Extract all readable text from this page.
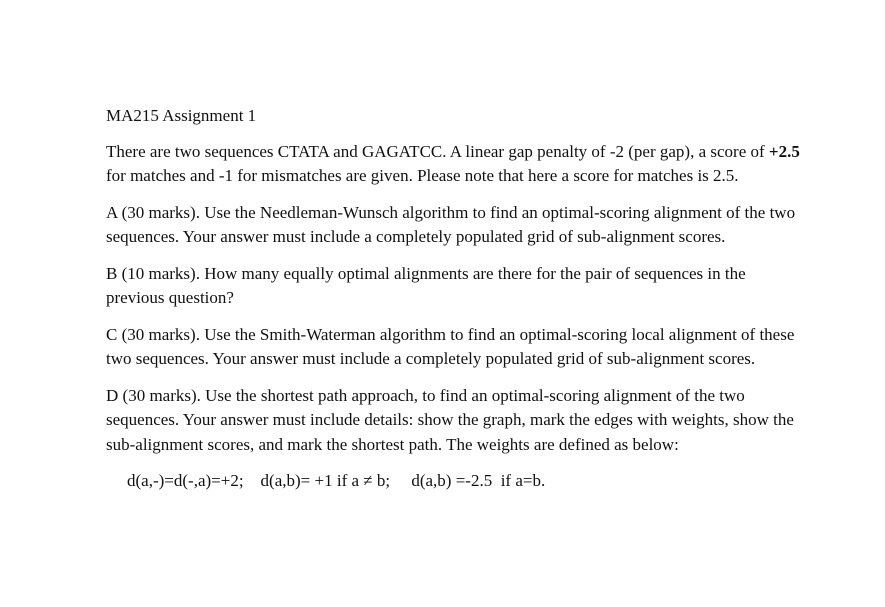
MA215 Assignment 1

There are two sequences CTATA and GAGATCC. A linear gap penalty of -2 (per gap), a score of +2.5 for matches and -1 for mismatches are given. Please note that here a score for matches is 2.5.

A (30 marks). Use the Needleman-Wunsch algorithm to find an optimal-scoring alignment of the two sequences. Your answer must include a completely populated grid of sub-alignment scores.

B (10 marks). How many equally optimal alignments are there for the pair of sequences in the previous question?

C (30 marks). Use the Smith-Waterman algorithm to find an optimal-scoring local alignment of these two sequences. Your answer must include a completely populated grid of sub-alignment scores.

D (30 marks). Use the shortest path approach, to find an optimal-scoring alignment of the two sequences. Your answer must include details: show the graph, mark the edges with weights, show the sub-alignment scores, and mark the shortest path. The weights are defined as below:

d(a,-)=d(-,a)=+2; d(a,b)= +1 if a ≠ b; d(a,b) =-2.5  if a=b.
